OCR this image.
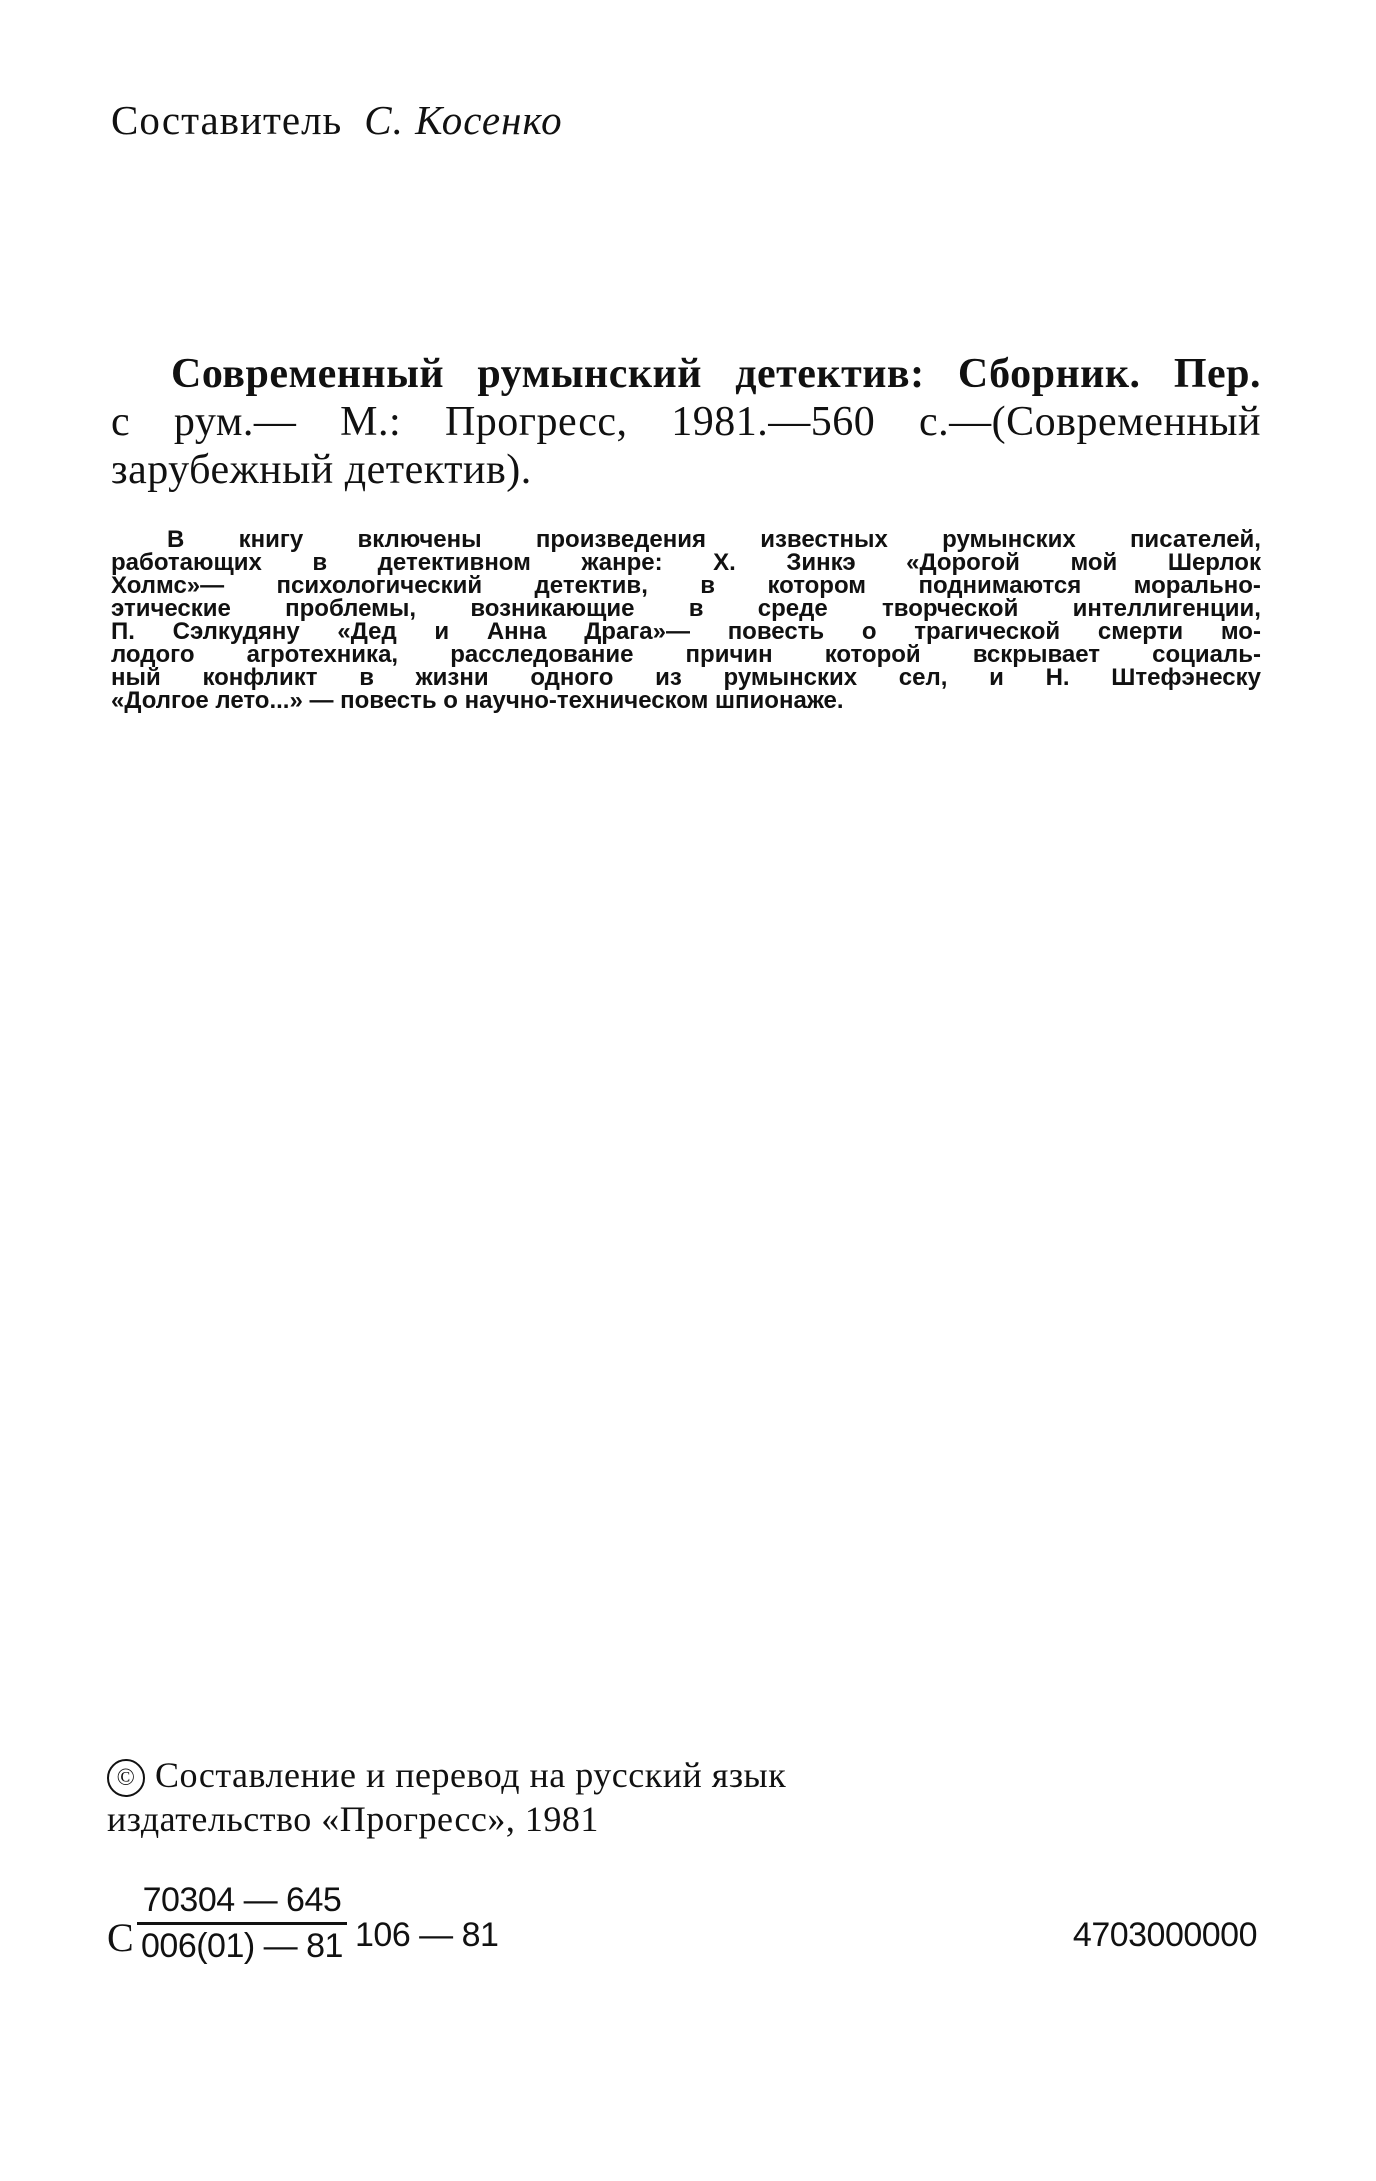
Составитель С. Косенко
Современный румынский детектив: Сборник. Пер.
с рум.— М.: Прогресс, 1981.—560 с.—(Современный
зарубежный детектив).
В книгу включены произведения известных румынских писателей,
работающих в детективном жанре: Х. Зинкэ «Дорогой мой Шерлок
Холмс»— психологический детектив, в котором поднимаются морально-
этические проблемы, возникающие в среде творческой интеллигенции,
П. Сэлкудяну «Дед и Анна Драга»— повесть о трагической смерти мо-
лодого агротехника, расследование причин которой вскрывает социаль-
ный конфликт в жизни одного из румынских сел, и Н. Штефэнеску
«Долгое лето...» — повесть о научно-техническом шпионаже.
© Составление и перевод на русский язык
издательство «Прогресс», 1981
С $\frac{70304 — 645}{006(01) — 81} 106$ — 81	4703000000
